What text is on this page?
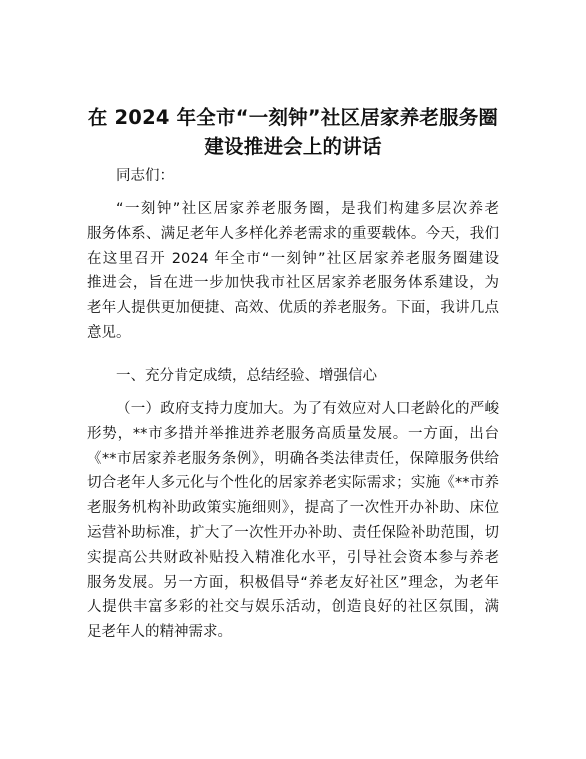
在 2024 年全市“一刻钟”社区居家养老服务圈
建设推进会上的讲话

同志们：

“一刻钟”社区居家养老服务圈，是我们构建多层次养老
服务体系、满足老年人多样化养老需求的重要载体。今天，我们
在这里召开 2024 年全市“一刻钟”社区居家养老服务圈建设
推进会，旨在进一步加快我市社区居家养老服务体系建设，为
老年人提供更加便捷、高效、优质的养老服务。下面，我讲几点
意见。

一、充分肯定成绩，总结经验、增强信心

（一）政府支持力度加大。为了有效应对人口老龄化的严峻
形势，**市多措并举推进养老服务高质量发展。一方面，出台
《**市居家养老服务条例》，明确各类法律责任，保障服务供给
切合老年人多元化与个性化的居家养老实际需求；实施《**市养
老服务机构补助政策实施细则》，提高了一次性开办补助、床位
运营补助标准，扩大了一次性开办补助、责任保险补助范围，切
实提高公共财政补贴投入精准化水平，引导社会资本参与养老
服务发展。另一方面，积极倡导“养老友好社区”理念，为老年
人提供丰富多彩的社交与娱乐活动，创造良好的社区氛围，满
足老年人的精神需求。
